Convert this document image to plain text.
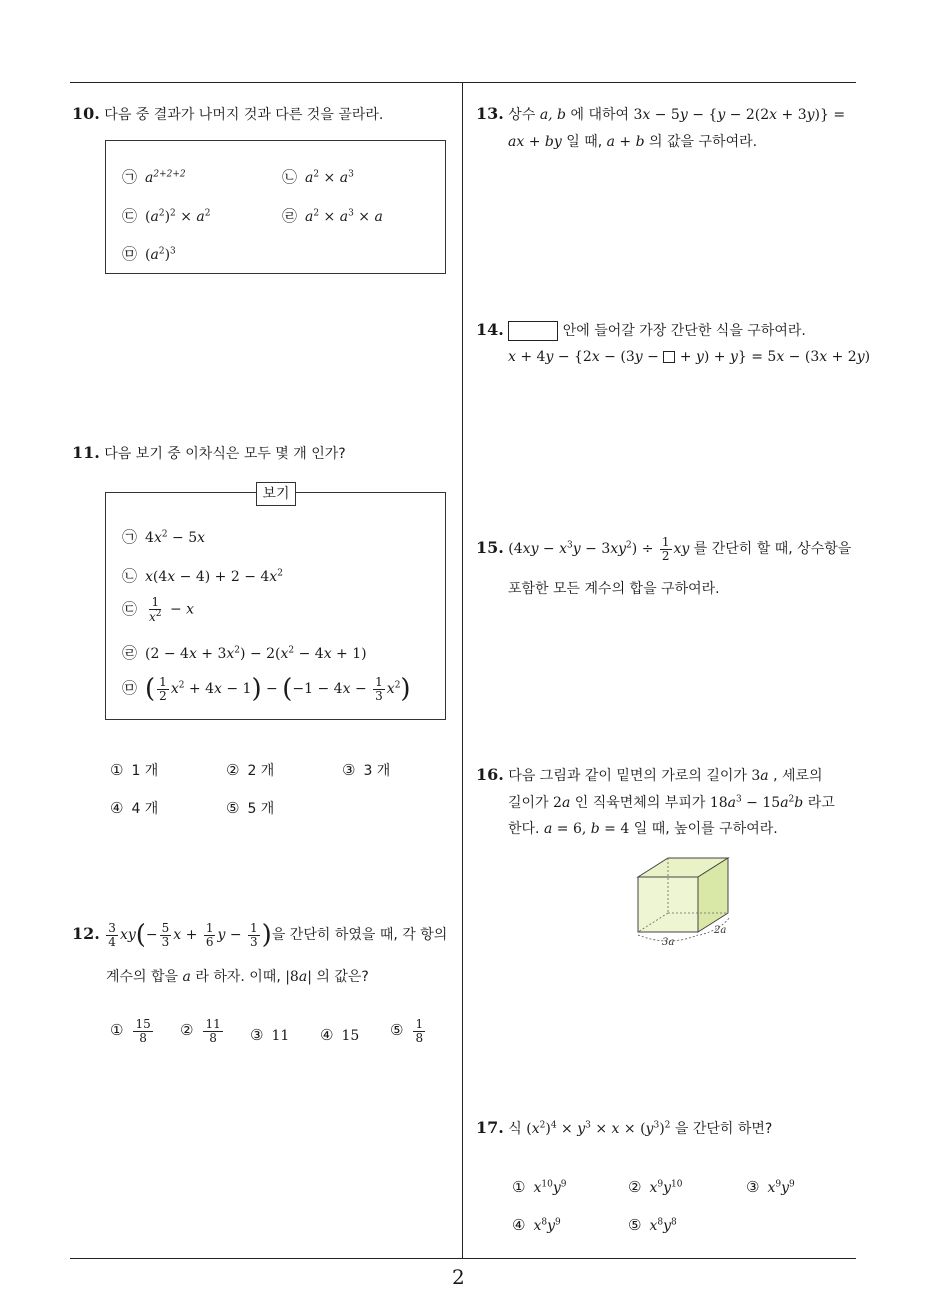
10. 다음 중 결과가 나머지 것과 다른 것을 골라라.
㉠ $a^{2+2+2}$	㉡ $a^2 \times a^3$
㉢ $(a^2)^2 \times a^2$	㉣ $a^2 \times a^3 \times a$
㉤ $(a^2)^3$
11. 다음 보기 중 이차식은 모두 몇 개 인가?
보기
㉠ $4x^2 - 5x$
㉡ $x(4x - 4) + 2 - 4x^2$
㉢ $\frac{1}{x^2} - x$
㉣ $(2 - 4x + 3x^2) - 2(x^2 - 4x + 1)$
㉤ ( $\frac{1}{2} x^2 + 4x - 1) - (-1 - 4x - \frac{1}{3} x^2)$
① 1 개	② 2 개	③ 3 개
④ 4 개	⑤ 5 개
12. $\frac{3}{4} xy(- \frac{5}{3}$ $x + \frac{1}{6}$ $y - \frac{1}{3}$ )을 간단히 하였을 때, 각 항의
계수의 합을 a 라 하자. 이때, |8a| 의 값은?
① $\frac{15}{8}$ ② $\frac{11}{8}$ ③ 11 ④ 15 ⑤ $\frac{1}{8}$
13. 상수 a, b 에 대하여 3x − 5y − {y − 2(2x + 3y)} =
ax + by 일 때, a + b 의 값을 구하여라.
14.	안에 들어갈 가장 간단한 식을 구하여라.
x + 4y − {2x − (3y −  + y) + y} = 5x − (3x + 2y)
15. $(4xy - x^3y - 3xy^2) \div \frac{1}{2}$ xy 를 간단히 할 때, 상수항을
포함한 모든 계수의 합을 구하여라.
16. 다음 그림과 같이 밑면의 가로의 길이가 3a , 세로의
길이가 2a 인 직육면체의 부피가 $18a^3 - 15a^2b$ 라고
한다. a = 6, b = 4 일 때, 높이를 구하여라.
3a
2a
17. 식 $(x^2)^4 \times y^3 \times x \times (y^3)^2$ 을 간단히 하면?
① $x^{10}y^9$	② $x^9y^{10}$	③ $x^9y^9$
④ $x^8y^9$	⑤ $x^8y^8$
2
